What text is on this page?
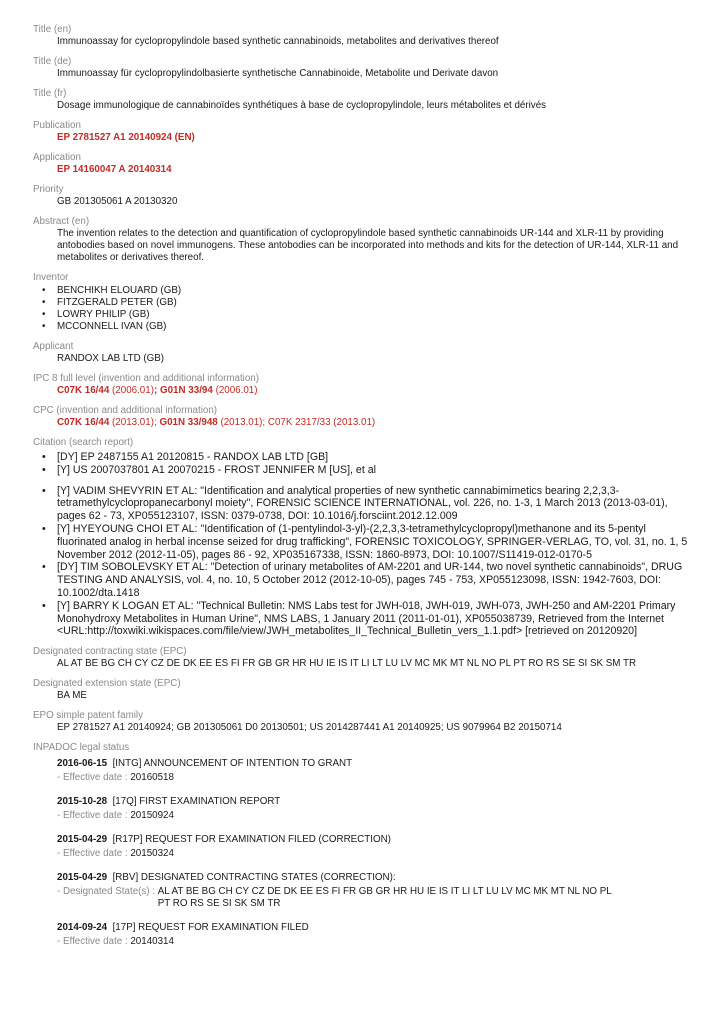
Title (en)
Immunoassay for cyclopropylindole based synthetic cannabinoids, metabolites and derivatives thereof
Title (de)
Immunoassay für cyclopropylindolbasierte synthetische Cannabinoide, Metabolite und Derivate davon
Title (fr)
Dosage immunologique de cannabinoïdes synthétiques à base de cyclopropylindole, leurs métabolites et dérivés
Publication
EP 2781527 A1 20140924 (EN)
Application
EP 14160047 A 20140314
Priority
GB 201305061 A 20130320
Abstract (en)
The invention relates to the detection and quantification of cyclopropylindole based synthetic cannabinoids UR-144 and XLR-11 by providing antobodies based on novel immunogens. These antobodies can be incorporated into methods and kits for the detection of UR-144, XLR-11 and metabolites or derivatives thereof.
Inventor
• BENCHIKH ELOUARD (GB)
• FITZGERALD PETER (GB)
• LOWRY PHILIP (GB)
• MCCONNELL IVAN (GB)
Applicant
RANDOX LAB LTD (GB)
IPC 8 full level (invention and additional information)
C07K 16/44 (2006.01); G01N 33/94 (2006.01)
CPC (invention and additional information)
C07K 16/44 (2013.01); G01N 33/948 (2013.01); C07K 2317/33 (2013.01)
Citation (search report)
• [DY] EP 2487155 A1 20120815 - RANDOX LAB LTD [GB]
• [Y] US 2007037801 A1 20070215 - FROST JENNIFER M [US], et al
• [Y] VADIM SHEVYRIN ET AL: "Identification and analytical properties of new synthetic cannabimimetics bearing 2,2,3,3-tetramethylcyclopropanecarbonyl moiety", FORENSIC SCIENCE INTERNATIONAL, vol. 226, no. 1-3, 1 March 2013 (2013-03-01), pages 62 - 73, XP055123107, ISSN: 0379-0738, DOI: 10.1016/j.forsciint.2012.12.009
• [Y] HYEYOUNG CHOI ET AL: "Identification of (1-pentylindol-3-yl)-(2,2,3,3-tetramethylcyclopropyl)methanone and its 5-pentyl fluorinated analog in herbal incense seized for drug trafficking", FORENSIC TOXICOLOGY, SPRINGER-VERLAG, TO, vol. 31, no. 1, 5 November 2012 (2012-11-05), pages 86 - 92, XP035167338, ISSN: 1860-8973, DOI: 10.1007/S11419-012-0170-5
• [DY] TIM SOBOLEVSKY ET AL: "Detection of urinary metabolites of AM-2201 and UR-144, two novel synthetic cannabinoids", DRUG TESTING AND ANALYSIS, vol. 4, no. 10, 5 October 2012 (2012-10-05), pages 745 - 753, XP055123098, ISSN: 1942-7603, DOI: 10.1002/dta.1418
• [Y] BARRY K LOGAN ET AL: "Technical Bulletin: NMS Labs test for JWH-018, JWH-019, JWH-073, JWH-250 and AM-2201 Primary Monohydroxy Metabolites in Human Urine", NMS LABS, 1 January 2011 (2011-01-01), XP055038739, Retrieved from the Internet <URL:http://toxwiki.wikispaces.com/file/view/JWH_metabolites_II_Technical_Bulletin_vers_1.1.pdf> [retrieved on 20120920]
Designated contracting state (EPC)
AL AT BE BG CH CY CZ DE DK EE ES FI FR GB GR HR HU IE IS IT LI LT LU LV MC MK MT NL NO PL PT RO RS SE SI SK SM TR
Designated extension state (EPC)
BA ME
EPO simple patent family
EP 2781527 A1 20140924; GB 201305061 D0 20130501; US 2014287441 A1 20140925; US 9079964 B2 20150714
INPADOC legal status
2016-06-15 [INTG] ANNOUNCEMENT OF INTENTION TO GRANT
- Effective date : 20160518
2015-10-28 [17Q] FIRST EXAMINATION REPORT
- Effective date : 20150924
2015-04-29 [R17P] REQUEST FOR EXAMINATION FILED (CORRECTION)
- Effective date : 20150324
2015-04-29 [RBV] DESIGNATED CONTRACTING STATES (CORRECTION):
- Designated State(s) : AL AT BE BG CH CY CZ DE DK EE ES FI FR GB GR HR HU IE IS IT LI LT LU LV MC MK MT NL NO PL PT RO RS SE SI SK SM TR
2014-09-24 [17P] REQUEST FOR EXAMINATION FILED
- Effective date : 20140314
